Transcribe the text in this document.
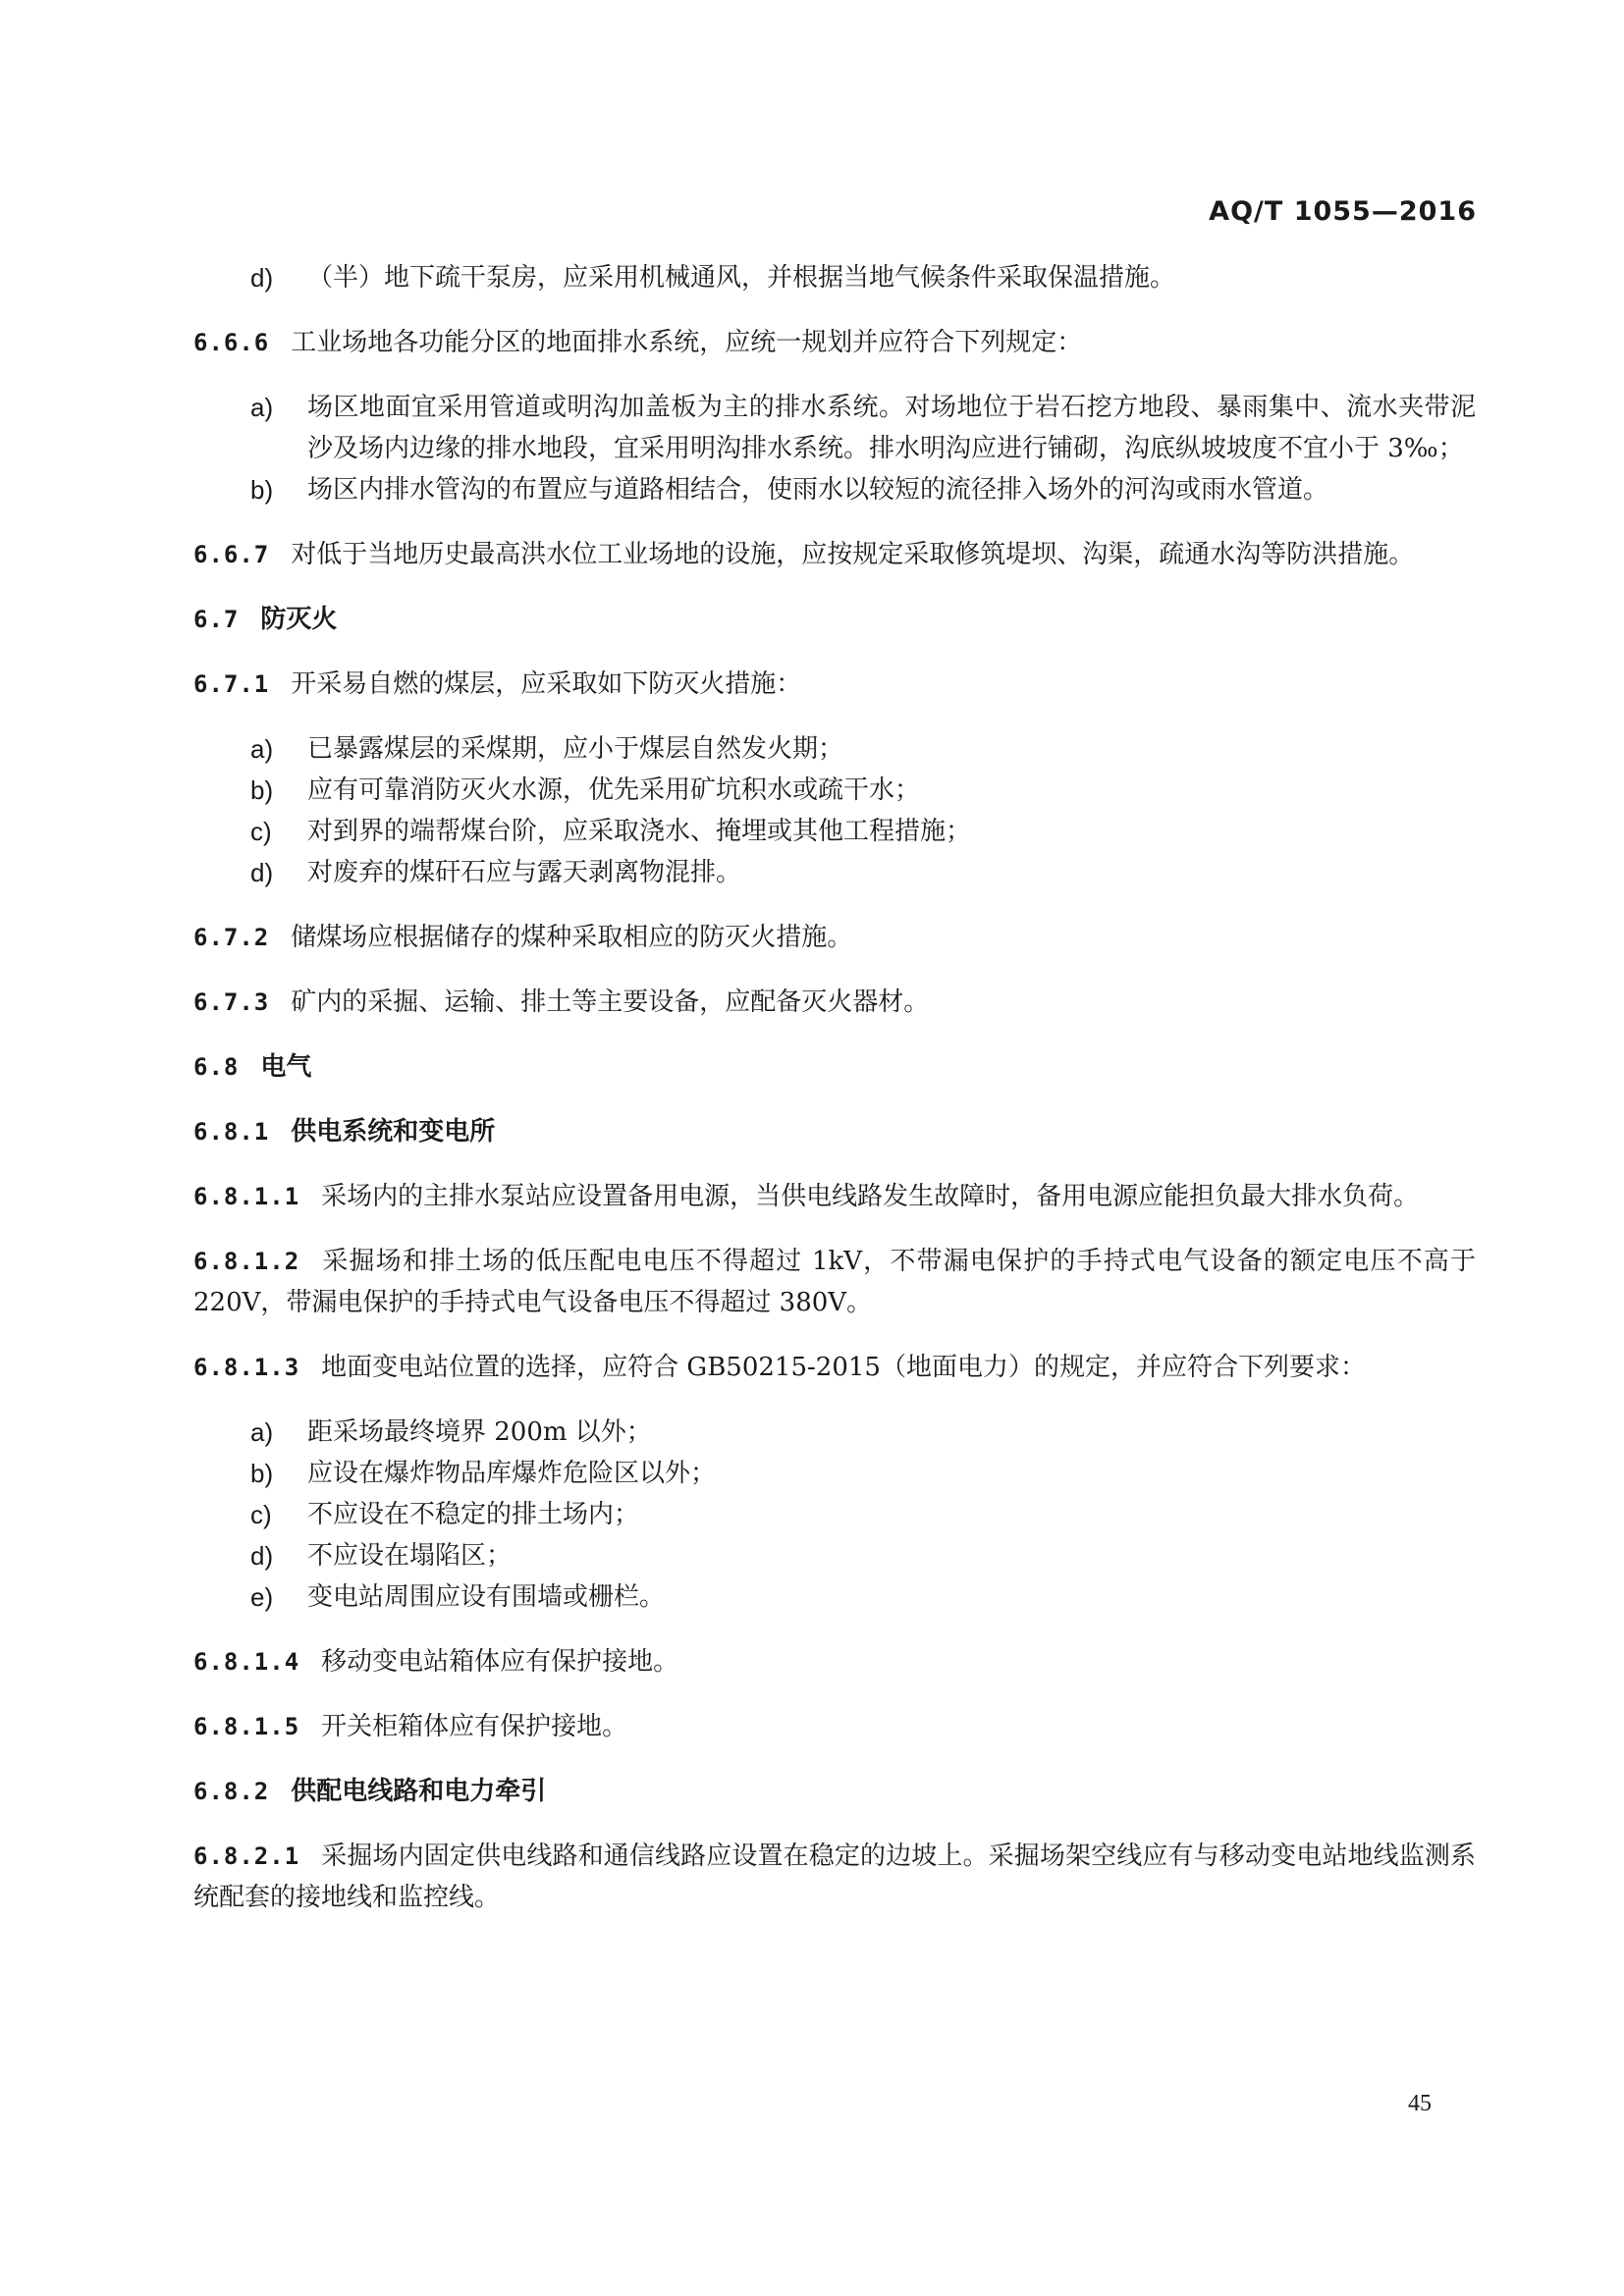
AQ/T 1055—2016

d) （半）地下疏干泵房，应采用机械通风，并根据当地气候条件采取保温措施。

6.6.6 工业场地各功能分区的地面排水系统，应统一规划并应符合下列规定：

a) 场区地面宜采用管道或明沟加盖板为主的排水系统。对场地位于岩石挖方地段、暴雨集中、流水夹带泥沙及场内边缘的排水地段，宜采用明沟排水系统。排水明沟应进行铺砌，沟底纵坡坡度不宜小于 3‰；

b) 场区内排水管沟的布置应与道路相结合，使雨水以较短的流径排入场外的河沟或雨水管道。

6.6.7 对低于当地历史最高洪水位工业场地的设施，应按规定采取修筑堤坝、沟渠，疏通水沟等防洪措施。

6.7 防灭火

6.7.1 开采易自燃的煤层，应采取如下防灭火措施：

a) 已暴露煤层的采煤期，应小于煤层自然发火期；

b) 应有可靠消防灭火水源，优先采用矿坑积水或疏干水；

c) 对到界的端帮煤台阶，应采取浇水、掩埋或其他工程措施；

d) 对废弃的煤矸石应与露天剥离物混排。

6.7.2 储煤场应根据储存的煤种采取相应的防灭火措施。

6.7.3 矿内的采掘、运输、排土等主要设备，应配备灭火器材。

6.8 电气

6.8.1 供电系统和变电所

6.8.1.1 采场内的主排水泵站应设置备用电源，当供电线路发生故障时，备用电源应能担负最大排水负荷。

6.8.1.2 采掘场和排土场的低压配电电压不得超过 1kV，不带漏电保护的手持式电气设备的额定电压不高于 220V，带漏电保护的手持式电气设备电压不得超过 380V。

6.8.1.3 地面变电站位置的选择，应符合 GB50215-2015（地面电力）的规定，并应符合下列要求：

a) 距采场最终境界 200m 以外；

b) 应设在爆炸物品库爆炸危险区以外；

c) 不应设在不稳定的排土场内；

d) 不应设在塌陷区；

e) 变电站周围应设有围墙或栅栏。

6.8.1.4 移动变电站箱体应有保护接地。

6.8.1.5 开关柜箱体应有保护接地。

6.8.2 供配电线路和电力牵引

6.8.2.1 采掘场内固定供电线路和通信线路应设置在稳定的边坡上。采掘场架空线应有与移动变电站地线监测系统配套的接地线和监控线。

45
